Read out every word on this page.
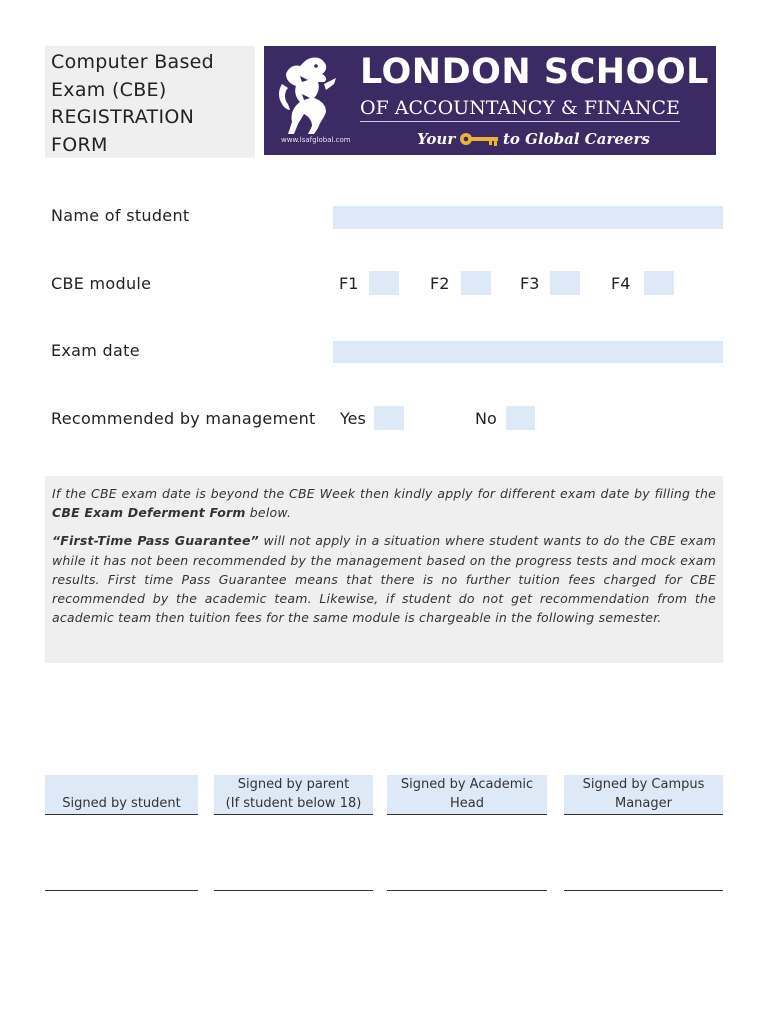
Computer Based
Exam (CBE)
REGISTRATION
FORM	www.lsafglobal.com
LONDON SCHOOL
OF ACCOUNTANCY & FINANCE
Your	to Global Careers
Name of student
CBE module	F1	F2	F3	F4
Exam date
Recommended by management Yes	No

If the CBE exam date is beyond the CBE Week then kindly apply for different exam date by filling the CBE Exam Deferment Form below.

“First-Time Pass Guarantee” will not apply in a situation where student wants to do the CBE exam while it has not been recommended by the management based on the progress tests and mock exam results. First time Pass Guarantee means that there is no further tuition fees charged for CBE recommended by the academic team. Likewise, if student do not get recommendation from the academic team then tuition fees for the same module is chargeable in the following semester.

Signed by student
Signed by parent
(If student below 18)
Signed by Academic
Head
Signed by Campus
Manager
